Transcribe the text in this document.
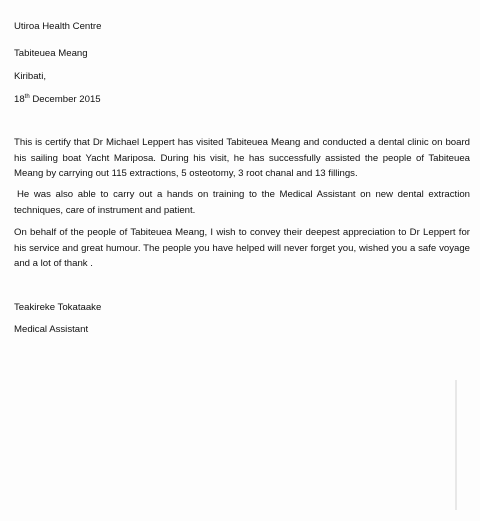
Utiroa Health Centre

Tabiteuea Meang

Kiribati,

18th December 2015

This is certify that Dr Michael Leppert has visited Tabiteuea Meang and conducted a dental clinic on board his sailing boat Yacht Mariposa. During his visit, he has successfully assisted the people of Tabiteuea Meang by carrying out 115 extractions, 5 osteotomy, 3 root chanal and 13 fillings.

He was also able to carry out a hands on training to the Medical Assistant on new dental extraction techniques, care of instrument and patient.

On behalf of the people of Tabiteuea Meang, I wish to convey their deepest appreciation to Dr Leppert for his service and great humour. The people you have helped will never forget you, wished you a safe voyage and a lot of thank .

Teakireke Tokataake

Medical Assistant
